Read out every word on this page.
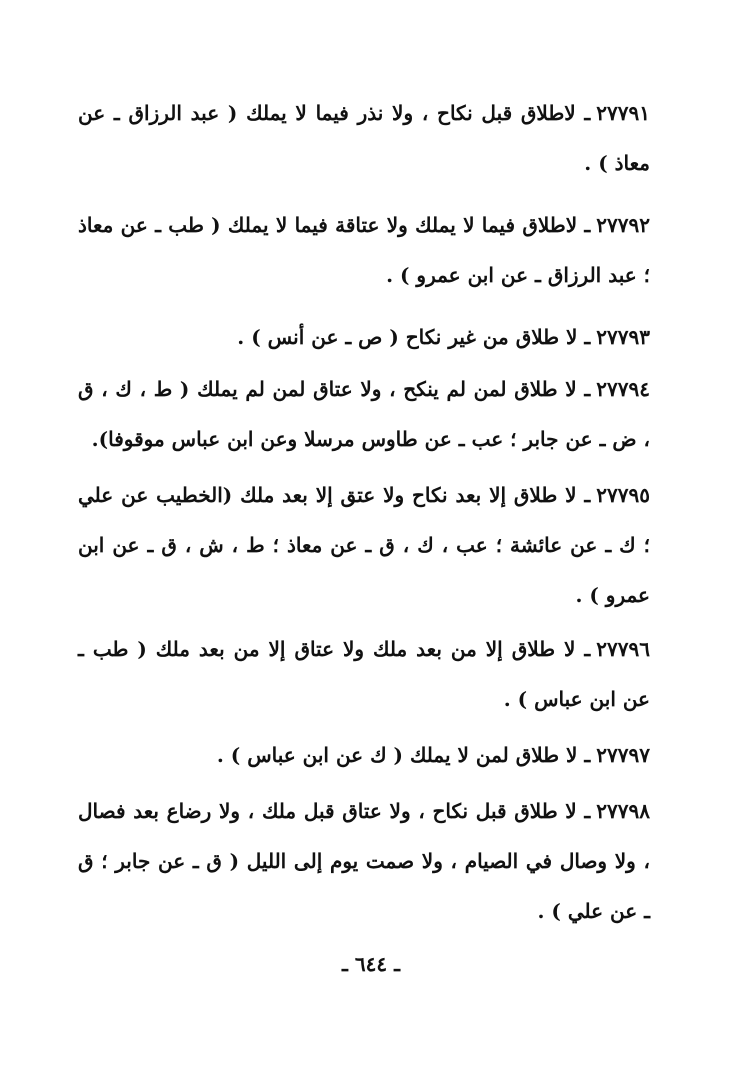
٢٧٧٩١ـ لاطلاق قبل نكاح ، ولا نذر فيما لا يملك ( عبد الرزاق ـ عن معاذ ) .

٢٧٧٩٢ـ لاطلاق فيما لا يملك ولا عتاقة فيما لا يملك ( طب ـ عن معاذ ؛ عبد الرزاق ـ عن ابن عمرو ) .

٢٧٧٩٣ـ لا طلاق من غير نكاح ( ص ـ عن أنس ) .

٢٧٧٩٤ـ لا طلاق لمن لم ينكح ، ولا عتاق لمن لم يملك ( ط ، ك ، ق ، ض ـ عن جابر ؛ عب ـ عن طاوس مرسلا وعن ابن عباس موقوفا).

٢٧٧٩٥ـ لا طلاق إلا بعد نكاح ولا عتق إلا بعد ملك (الخطيب عن علي ؛ ك ـ عن عائشة ؛ عب ، ك ، ق ـ عن معاذ ؛ ط ، ش ، ق ـ عن ابن عمرو ) .

٢٧٧٩٦ـ لا طلاق إلا من بعد ملك ولا عتاق إلا من بعد ملك ( طب ـ عن ابن عباس ) .

٢٧٧٩٧ـ لا طلاق لمن لا يملك ( ك عن ابن عباس ) .

٢٧٧٩٨ـ لا طلاق قبل نكاح ، ولا عتاق قبل ملك ، ولا رضاع بعد فصال ، ولا وصال في الصيام ، ولا صمت يوم إلى الليل ( ق ـ عن جابر ؛ ق ـ عن علي ) .

ـ ٦٤٤ ـ
